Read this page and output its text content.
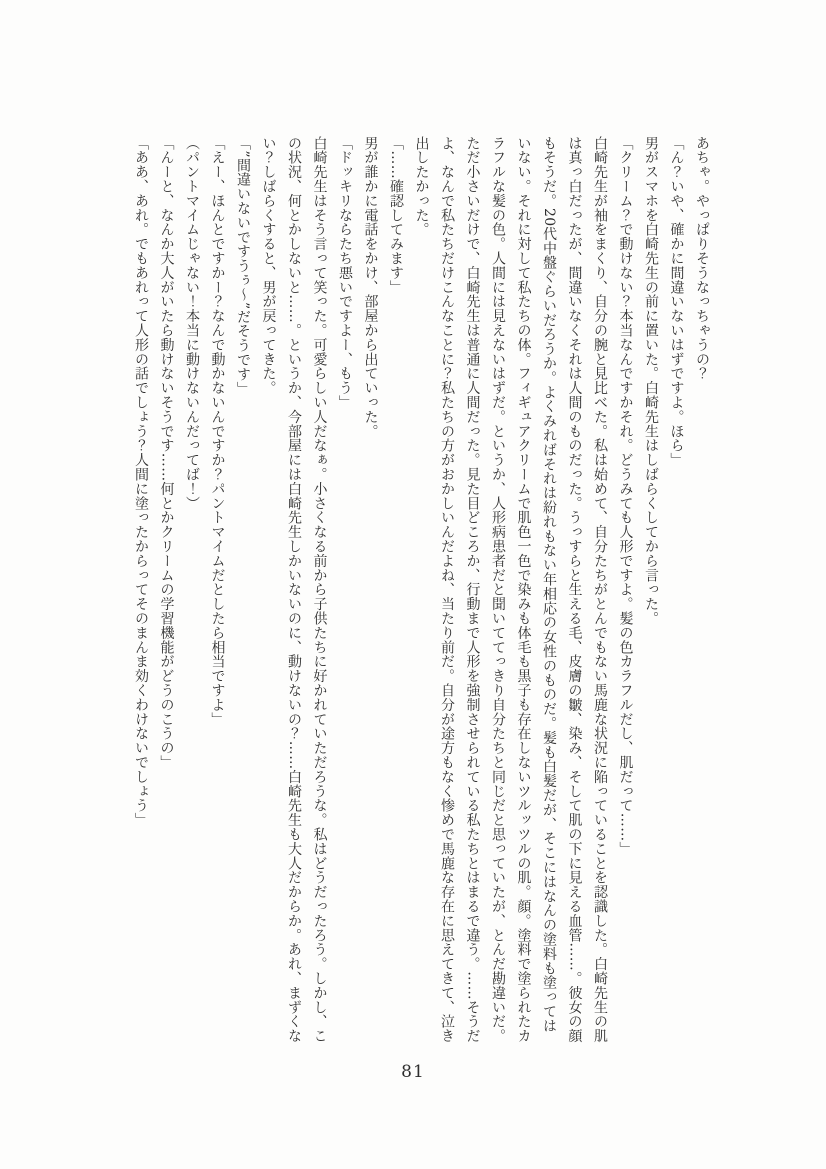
あちゃ。やっぱりそうなっちゃうの？

「ん？いや、確かに間違いないはずですよ。ほら」

男がスマホを白崎先生の前に置いた。白崎先生はしばらくしてから言った。

「クリーム？で動けない？本当なんですかそれ。どうみても人形ですよ。髪の色カラフルだし、肌だって……」

白崎先生が袖をまくり、自分の腕と見比べた。私は始めて、自分たちがとんでもない馬鹿な状況に陥っていることを認識した。白崎先生の肌は真っ白だったが、間違いなくそれは人間のものだった。うっすらと生える毛、皮膚の皺、染み、そして肌の下に見える血管……。彼女の顔もそうだ。20代中盤ぐらいだろうか。よくみればそれは紛れもない年相応の女性のものだ。髪も白髪だが、そこにはなんの塗料も塗ってはいない。それに対して私たちの体。フィギュアクリームで肌色一色で染みも体毛も黒子も存在しないツルッツルの肌。顔。塗料で塗られたカラフルな髪の色。人間には見えないはずだ。というか、人形病患者だと聞いててっきり自分たちと同じだと思っていたが、とんだ勘違いだ。ただ小さいだけで、白崎先生は普通に人間だった。見た目どころか、行動まで人形を強制させられている私たちとはまるで違う。……そうだよ、なんで私たちだけこんなことに？私たちの方がおかしいんだよね、当たり前だ。自分が途方もなく惨めで馬鹿な存在に思えてきて、泣き出したかった。

「……確認してみます」

男が誰かに電話をかけ、部屋から出ていった。

「ドッキリならたち悪いですよー、もう」

白崎先生はそう言って笑った。可愛らしい人だなぁ。小さくなる前から子供たちに好かれていただろうな。私はどうだったろう。しかし、この状況、何とかしないと……。というか、今部屋には白崎先生しかいないのに、動けないの？……白崎先生も大人だからか。あれ、まずくない？しばらくすると、男が戻ってきた。

「”間違いないですうぅ～”だそうです」

「えー、ほんとですかー？なんで動かないんですか？パントマイムだとしたら相当ですよ」

（パントマイムじゃない！本当に動けないんだってば！）

「んーと、なんか大人がいたら動けないそうです……何とかクリームの学習機能がどうのこうの」

「ああ、あれ。でもあれって人形の話でしょう？人間に塗ったからってそのまんま効くわけないでしょう」

81
